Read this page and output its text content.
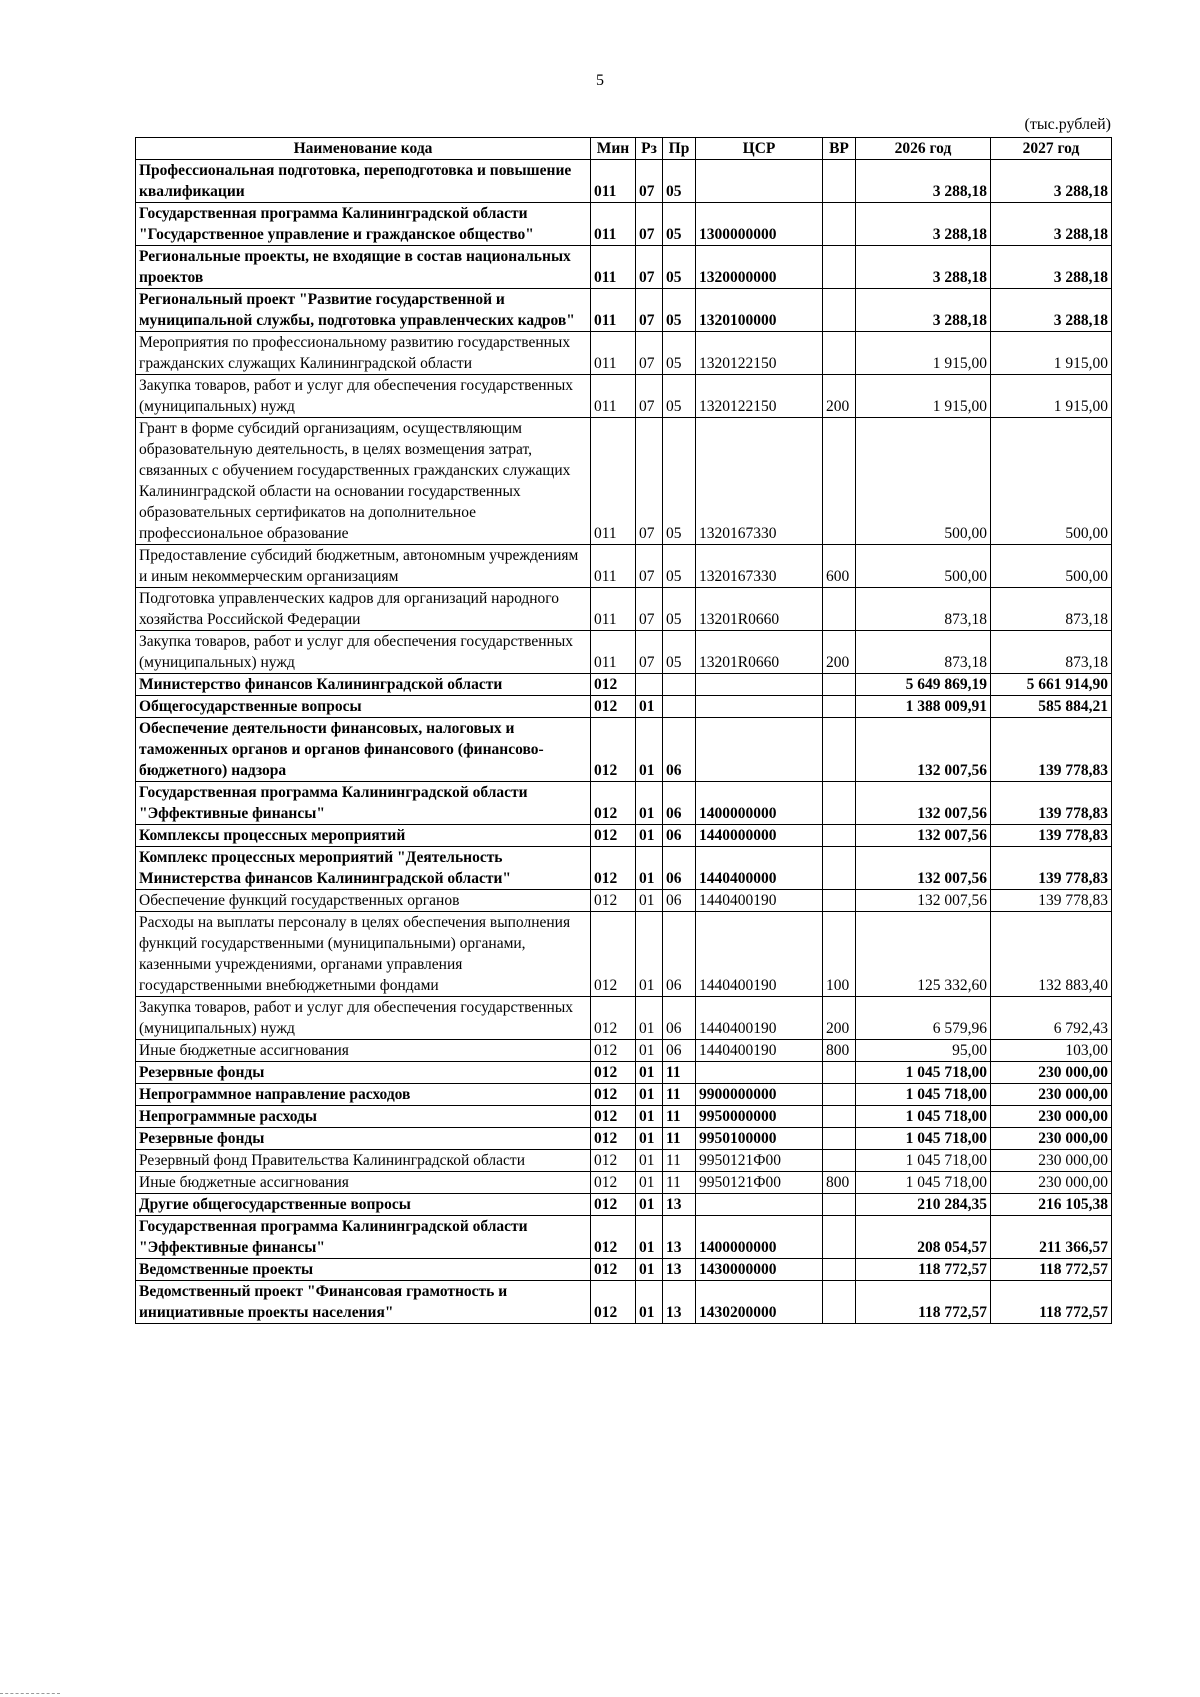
5
(тыс.рублей)
Наименование кода	Мин	Рз	Пр	ЦСР	ВР	2026 год	2027 год
Профессиональная подготовка, переподготовка и повышение квалификации	011	07	05			3 288,18	3 288,18
Государственная программа Калининградской области "Государственное управление и гражданское общество"	011	07	05	1300000000		3 288,18	3 288,18
Региональные проекты, не входящие в состав национальных проектов	011	07	05	1320000000		3 288,18	3 288,18
Региональный проект "Развитие государственной и муниципальной службы, подготовка управленческих кадров"	011	07	05	1320100000		3 288,18	3 288,18
Мероприятия по профессиональному развитию государственных гражданских служащих Калининградской области	011	07	05	1320122150		1 915,00	1 915,00
Закупка товаров, работ и услуг для обеспечения государственных (муниципальных) нужд	011	07	05	1320122150	200	1 915,00	1 915,00
Грант в форме субсидий организациям, осуществляющим образовательную деятельность, в целях возмещения затрат, связанных с обучением государственных гражданских служащих Калининградской области на основании государственных образовательных сертификатов на дополнительное профессиональное образование	011	07	05	1320167330		500,00	500,00
Предоставление субсидий бюджетным, автономным учреждениям и иным некоммерческим организациям	011	07	05	1320167330	600	500,00	500,00
Подготовка управленческих кадров для организаций народного хозяйства Российской Федерации	011	07	05	13201R0660		873,18	873,18
Закупка товаров, работ и услуг для обеспечения государственных (муниципальных) нужд	011	07	05	13201R0660	200	873,18	873,18
Министерство финансов Калининградской области	012					5 649 869,19	5 661 914,90
Общегосударственные вопросы	012	01				1 388 009,91	585 884,21
Обеспечение деятельности финансовых, налоговых и таможенных органов и органов финансового (финансово-бюджетного) надзора	012	01	06			132 007,56	139 778,83
Государственная программа Калининградской области "Эффективные финансы"	012	01	06	1400000000		132 007,56	139 778,83
Комплексы процессных мероприятий	012	01	06	1440000000		132 007,56	139 778,83
Комплекс процессных мероприятий "Деятельность Министерства финансов Калининградской области"	012	01	06	1440400000		132 007,56	139 778,83
Обеспечение функций государственных органов	012	01	06	1440400190		132 007,56	139 778,83
Расходы на выплаты персоналу в целях обеспечения выполнения функций государственными (муниципальными) органами, казенными учреждениями, органами управления государственными внебюджетными фондами	012	01	06	1440400190	100	125 332,60	132 883,40
Закупка товаров, работ и услуг для обеспечения государственных (муниципальных) нужд	012	01	06	1440400190	200	6 579,96	6 792,43
Иные бюджетные ассигнования	012	01	06	1440400190	800	95,00	103,00
Резервные фонды	012	01	11			1 045 718,00	230 000,00
Непрограммное направление расходов	012	01	11	9900000000		1 045 718,00	230 000,00
Непрограммные расходы	012	01	11	9950000000		1 045 718,00	230 000,00
Резервные фонды	012	01	11	9950100000		1 045 718,00	230 000,00
Резервный фонд Правительства Калининградской области	012	01	11	9950121Ф00		1 045 718,00	230 000,00
Иные бюджетные ассигнования	012	01	11	9950121Ф00	800	1 045 718,00	230 000,00
Другие общегосударственные вопросы	012	01	13			210 284,35	216 105,38
Государственная программа Калининградской области "Эффективные финансы"	012	01	13	1400000000		208 054,57	211 366,57
Ведомственные проекты	012	01	13	1430000000		118 772,57	118 772,57
Ведомственный проект "Финансовая грамотность и инициативные проекты населения"	012	01	13	1430200000		118 772,57	118 772,57
